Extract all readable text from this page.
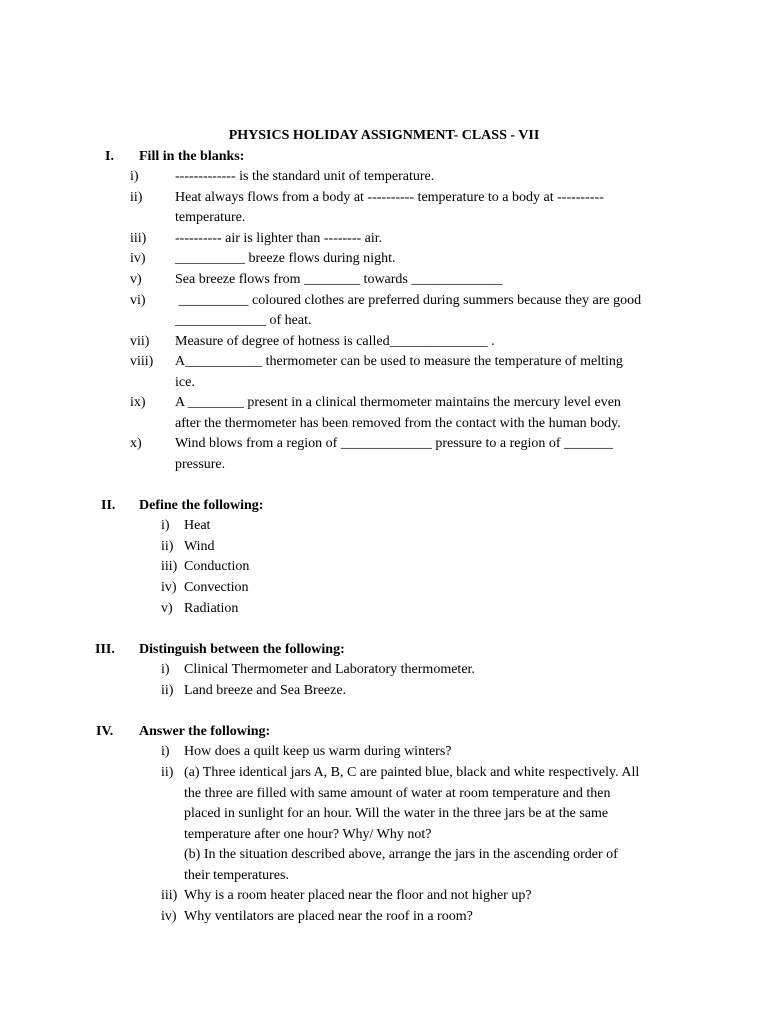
PHYSICS HOLIDAY ASSIGNMENT- CLASS - VII
I. Fill in the blanks:
i)	------------- is the standard unit of temperature.
ii) Heat always flows from a body at ---------- temperature to a body at ----------
temperature.
iii) ---------- air is lighter than -------- air.
iv) __________ breeze flows during night.
v) Sea breeze flows from ________ towards _____________
vi) __________ coloured clothes are preferred during summers because they are good
_____________ of heat.
vii) Measure of degree of hotness is called______________ .
viii) A___________ thermometer can be used to measure the temperature of melting
ice.
ix) A ________ present in a clinical thermometer maintains the mercury level even
after the thermometer has been removed from the contact with the human body.
x) Wind blows from a region of _____________ pressure to a region of _______
pressure.
II. Define the following:
i) Heat
ii) Wind
iii) Conduction
iv) Convection
v) Radiation
III. Distinguish between the following:
i) Clinical Thermometer and Laboratory thermometer.
ii) Land breeze and Sea Breeze.
IV. Answer the following:
i) How does a quilt keep us warm during winters?
ii) (a) Three identical jars A, B, C are painted blue, black and white respectively. All
the three are filled with same amount of water at room temperature and then
placed in sunlight for an hour. Will the water in the three jars be at the same
temperature after one hour? Why/ Why not?
(b) In the situation described above, arrange the jars in the ascending order of
their temperatures.
iii) Why is a room heater placed near the floor and not higher up?
iv) Why ventilators are placed near the roof in a room?
